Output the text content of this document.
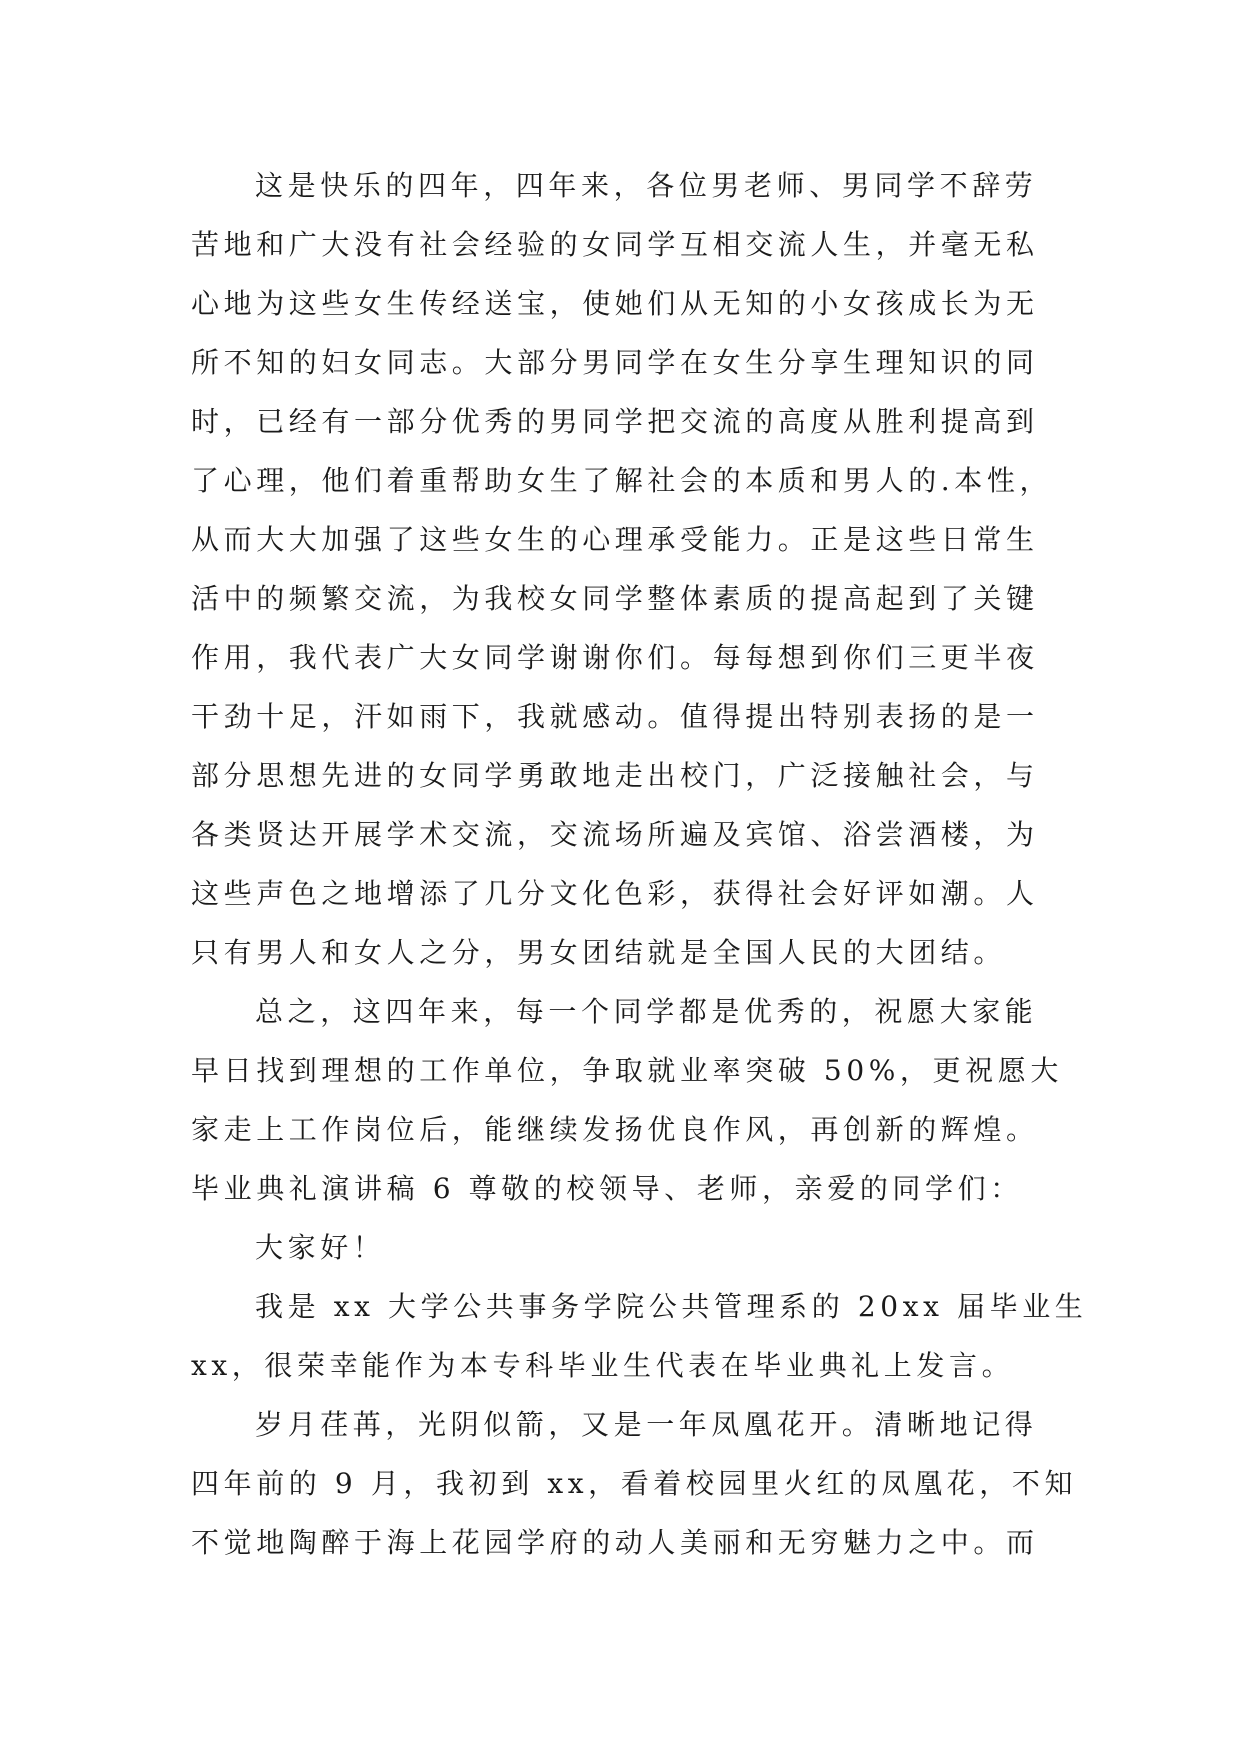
这是快乐的四年，四年来，各位男老师、男同学不辞劳
苦地和广大没有社会经验的女同学互相交流人生，并毫无私
心地为这些女生传经送宝，使她们从无知的小女孩成长为无
所不知的妇女同志。大部分男同学在女生分享生理知识的同
时，已经有一部分优秀的男同学把交流的高度从胜利提高到
了心理，他们着重帮助女生了解社会的本质和男人的.本性，
从而大大加强了这些女生的心理承受能力。正是这些日常生
活中的频繁交流，为我校女同学整体素质的提高起到了关键
作用，我代表广大女同学谢谢你们。每每想到你们三更半夜
干劲十足，汗如雨下，我就感动。值得提出特别表扬的是一
部分思想先进的女同学勇敢地走出校门，广泛接触社会，与
各类贤达开展学术交流，交流场所遍及宾馆、浴尝酒楼，为
这些声色之地增添了几分文化色彩，获得社会好评如潮。人
只有男人和女人之分，男女团结就是全国人民的大团结。
总之，这四年来，每一个同学都是优秀的，祝愿大家能
早日找到理想的工作单位，争取就业率突破 50%，更祝愿大
家走上工作岗位后，能继续发扬优良作风，再创新的辉煌。
毕业典礼演讲稿 6 尊敬的校领导、老师，亲爱的同学们：
大家好！
我是 xx 大学公共事务学院公共管理系的 20xx 届毕业生
xx，很荣幸能作为本专科毕业生代表在毕业典礼上发言。
岁月荏苒，光阴似箭，又是一年凤凰花开。清晰地记得
四年前的 9 月，我初到 xx，看着校园里火红的凤凰花，不知
不觉地陶醉于海上花园学府的动人美丽和无穷魅力之中。而
